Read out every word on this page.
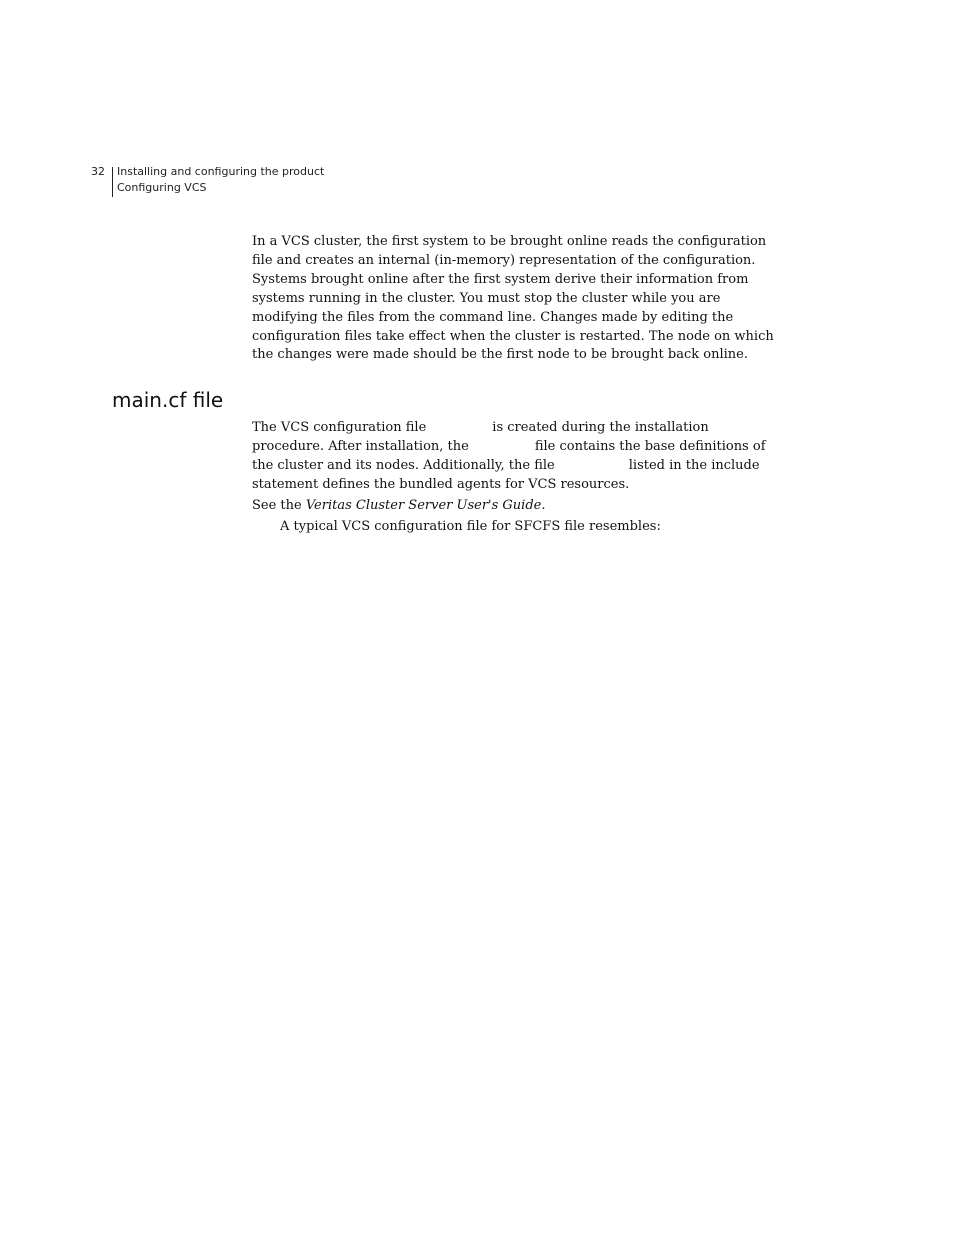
32 Installing and configuring the product
Configuring VCS
In a VCS cluster, the first system to be brought online reads the configuration
file and creates an internal (in-memory) representation of the configuration.
Systems brought online after the first system derive their information from
systems running in the cluster. You must stop the cluster while you are
modifying the files from the command line. Changes made by editing the
configuration files take effect when the cluster is restarted. The node on which
the changes were made should be the first node to be brought back online.
main.cf file
The VCS configuration file	is created during the installation
procedure. After installation, the	file contains the base definitions of
the cluster and its nodes. Additionally, the file	listed in the include
statement defines the bundled agents for VCS resources.
See the Veritas Cluster Server User's Guide.
A typical VCS configuration file for SFCFS file resembles:
